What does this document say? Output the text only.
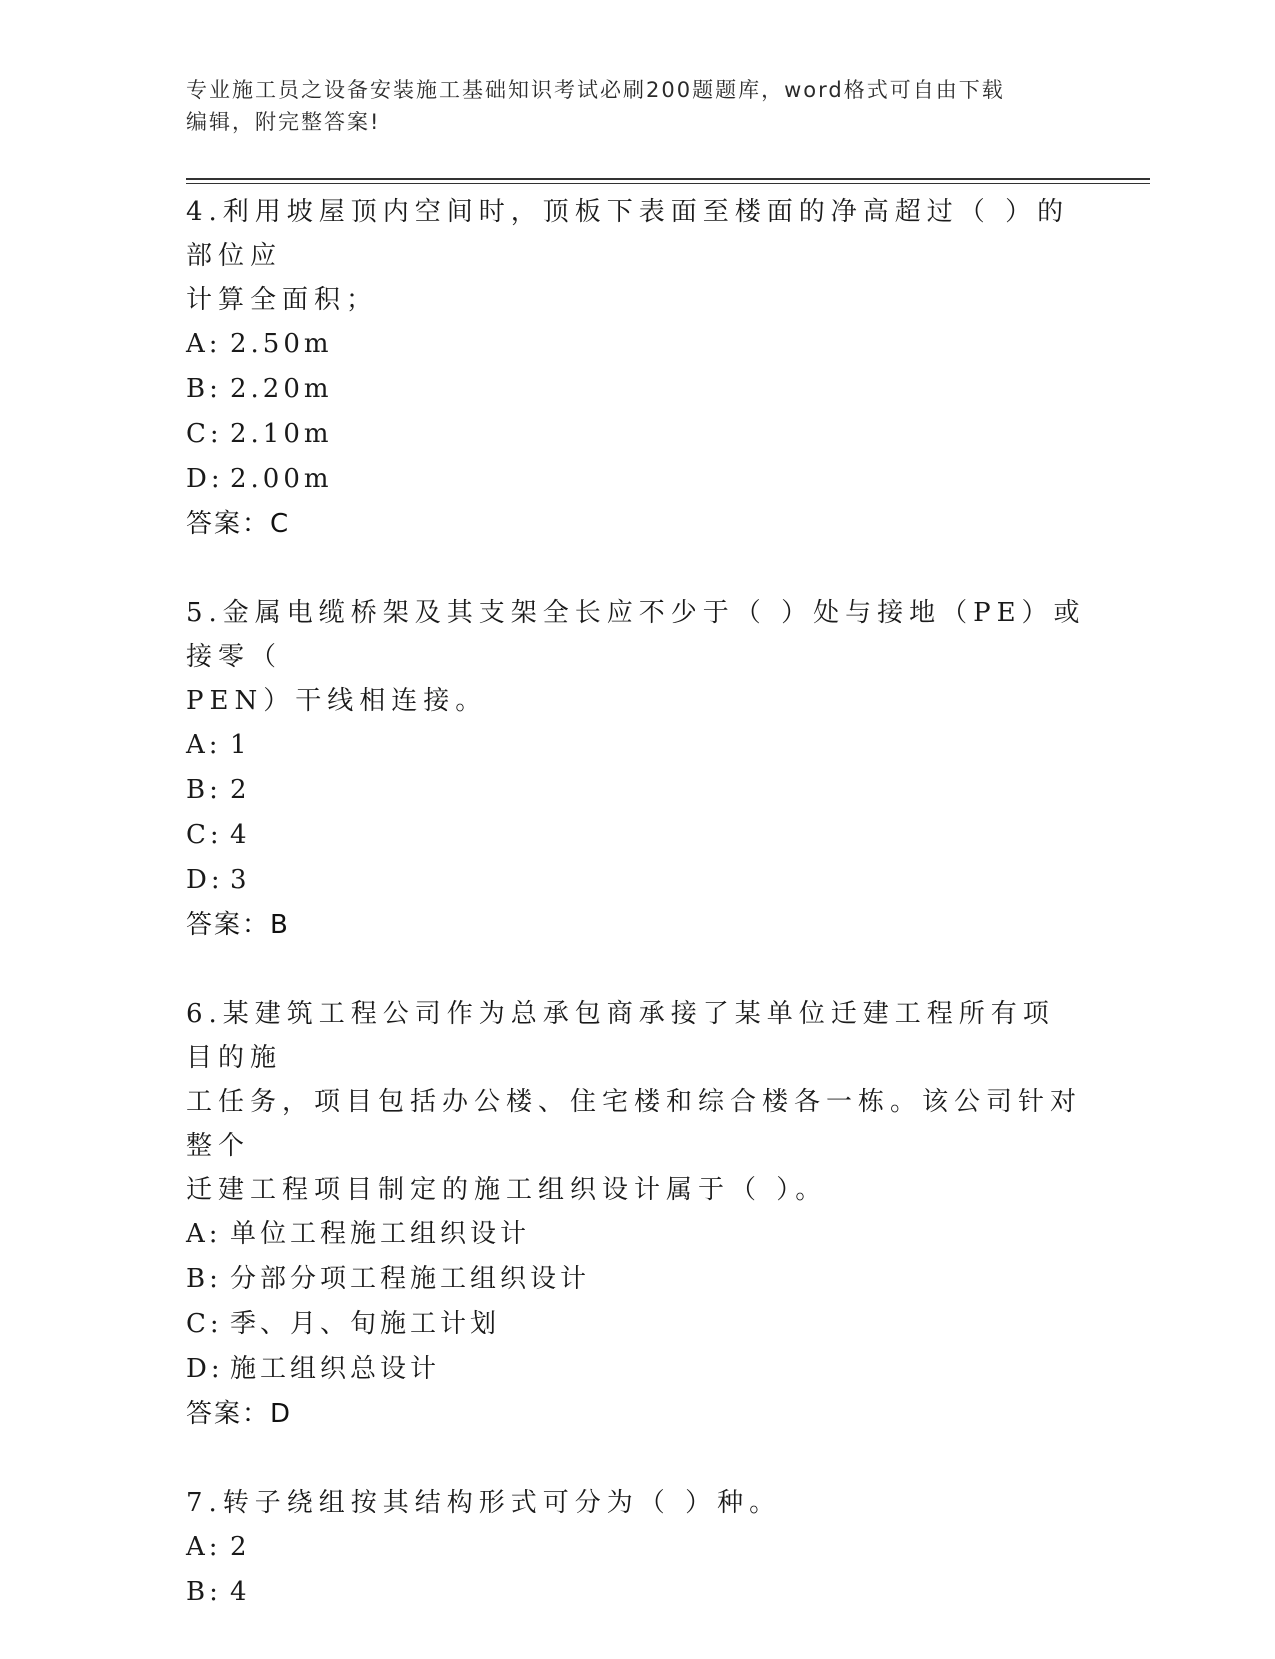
专业施工员之设备安装施工基础知识考试必刷200题题库，word格式可自由下载
编辑，附完整答案!

4.利用坡屋顶内空间时，顶板下表面至楼面的净高超过（ ）的部位应

计算全面积；

A: 2.50m

B: 2.20m

C: 2.10m

D: 2.00m

答案：C

5.金属电缆桥架及其支架全长应不少于（ ）处与接地（PE）或接零（

PEN）干线相连接。

A: 1

B: 2

C: 4

D: 3

答案：B

6.某建筑工程公司作为总承包商承接了某单位迁建工程所有项目的施

工任务，项目包括办公楼、住宅楼和综合楼各一栋。该公司针对整个

迁建工程项目制定的施工组织设计属于（ ）。

A: 单位工程施工组织设计

B: 分部分项工程施工组织设计

C: 季、月、旬施工计划

D: 施工组织总设计

答案：D

7.转子绕组按其结构形式可分为（ ）种。

A: 2

B: 4
